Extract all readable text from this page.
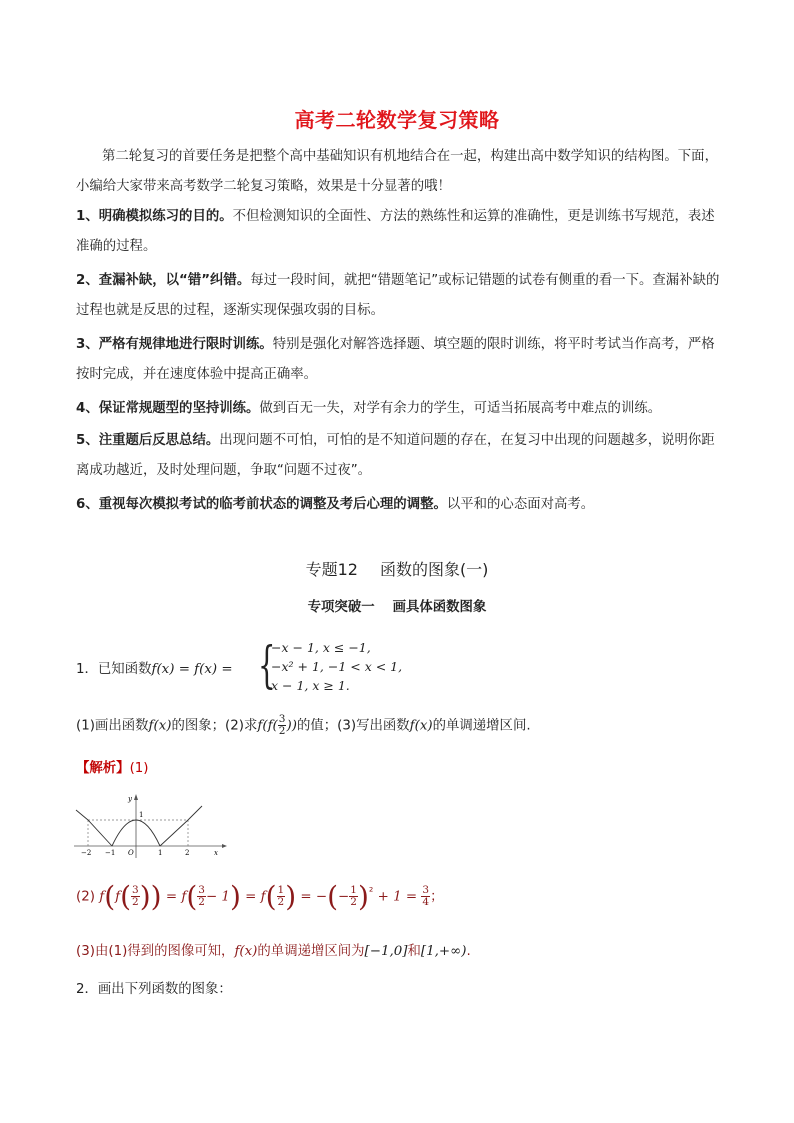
高考二轮数学复习策略
第二轮复习的首要任务是把整个高中基础知识有机地结合在一起，构建出高中数学知识的结构图。下面，小编给大家带来高考数学二轮复习策略，效果是十分显著的哦！
1、明确模拟练习的目的。不但检测知识的全面性、方法的熟练性和运算的准确性，更是训练书写规范，表述准确的过程。
2、查漏补缺，以“错”纠错。每过一段时间，就把“错题笔记”或标记错题的试卷有侧重的看一下。查漏补缺的过程也就是反思的过程，逐渐实现保强攻弱的目标。
3、严格有规律地进行限时训练。特别是强化对解答选择题、填空题的限时训练，将平时考试当作高考，严格按时完成，并在速度体验中提高正确率。
4、保证常规题型的坚持训练。做到百无一失，对学有余力的学生，可适当拓展高考中难点的训练。
5、注重题后反思总结。出现问题不可怕，可怕的是不知道问题的存在，在复习中出现的问题越多，说明你距离成功越近，及时处理问题，争取“问题不过夜”。
6、重视每次模拟考试的临考前状态的调整及考后心理的调整。以平和的心态面对高考。
专题12 函数的图象(一)
专项突破一 画具体函数图象
1．已知函数f(x) = f(x) = {
−x − 1, x ≤ −1,
−x² + 1, −1 < x < 1,
x − 1, x ≥ 1.
(1)画出函数f(x)的图象；(2)求$f(f( \frac{3}{2}$ ))的值；(3)写出函数f(x)的单调递增区间.
【解析】(1)
y
1
x
O
−2 −1	1	2
(2) $f(f( \frac{3}{2}$ )) = $f( \frac{3}{2} - 1) = f( \frac{1}{2}$ ) = −(− $\frac{1}{2} )^{^2} + 1 = \frac{3}{4}$ ；
(3)由(1)得到的图像可知，f(x)的单调递增区间为[−1,0]和[1,+∞).
2．画出下列函数的图象：
